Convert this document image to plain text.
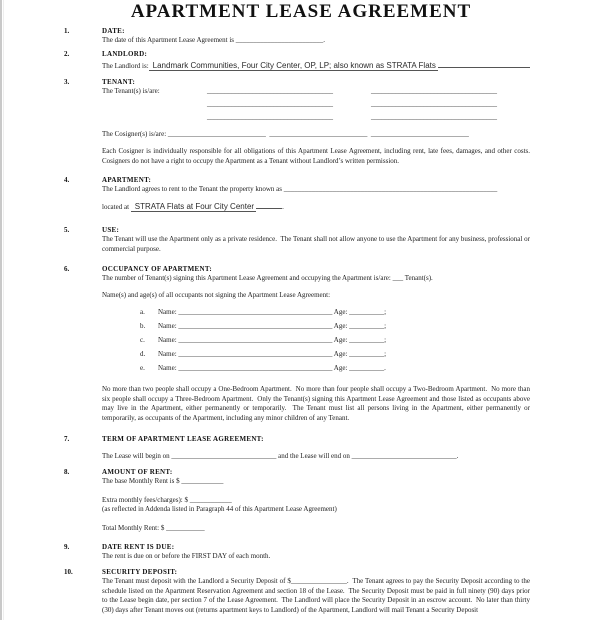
APARTMENT LEASE AGREEMENT
1.	DATE:
The date of this Apartment Lease Agreement is _________________________.
2.	LANDLORD:
The Landlord is: Landmark Communities, Four City Center, OP, LP; also known as STRATA Flats
3.	TENANT:
The Tenant(s) is/are:	____________________________________	____________________________________
____________________________________	____________________________________
____________________________________	____________________________________
The Cosigner(s) is/are: ____________________________  ____________________________  ____________________________
Each Cosigner is individually responsible for all obligations of this Apartment Lease Agreement, including rent, late fees, damages, and other costs.  Cosigners do not have a right to occupy the Apartment as a Tenant without Landlord’s written permission.
4.	APARTMENT:
The Landlord agrees to rent to the Tenant the property known as _____________________________________________________________
located at STRATA Flats at Four City Center	.
5.	USE:
The Tenant will use the Apartment only as a private residence.  The Tenant shall not allow anyone to use the Apartment for any business, professional or commercial purpose.
6.	OCCUPANCY OF APARTMENT:
The number of Tenant(s) signing this Apartment Lease Agreement and occupying the Apartment is/are: ___ Tenant(s).
Name(s) and age(s) of all occupants not signing the Apartment Lease Agreement:
a.	Name: ____________________________________________ Age: __________;
b.	Name: ____________________________________________ Age: __________;
c.	Name: ____________________________________________ Age: __________;
d.	Name: ____________________________________________ Age: __________;
e.	Name: ____________________________________________ Age: __________.
No more than two people shall occupy a One-Bedroom Apartment.  No more than four people shall occupy a Two-Bedroom Apartment.  No more than six people shall occupy a Three-Bedroom Apartment.  Only the Tenant(s) signing this Apartment Lease Agreement and those listed as occupants above may live in the Apartment, either permanently or temporarily.  The Tenant must list all persons living in the Apartment, either permanently or temporarily, as occupants of the Apartment, including any minor children of any Tenant.
7.	TERM OF APARTMENT LEASE AGREEMENT:
The Lease will begin on ______________________________ and the Lease will end on ______________________________.
8.	AMOUNT OF RENT:
The base Monthly Rent is $ ____________
Extra monthly fees/charges): $ ____________
(as reflected in Addenda listed in Paragraph 44 of this Apartment Lease Agreement)
Total Monthly Rent: $ ___________
9.	DATE RENT IS DUE:
The rent is due on or before the FIRST DAY of each month.
10.	SECURITY DEPOSIT:
The Tenant must deposit with the Landlord a Security Deposit of $________________.  The Tenant agrees to pay the Security Deposit according to the schedule listed on the Apartment Reservation Agreement and section 18 of the Lease.  The Security Deposit must be paid in full ninety (90) days prior to the Lease begin date, per section 7 of the Lease Agreement.  The Landlord will place the Security Deposit in an escrow account.  No later than thirty (30) days after Tenant moves out (returns apartment keys to Landlord) of the Apartment, Landlord will mail Tenant a Security Deposit
